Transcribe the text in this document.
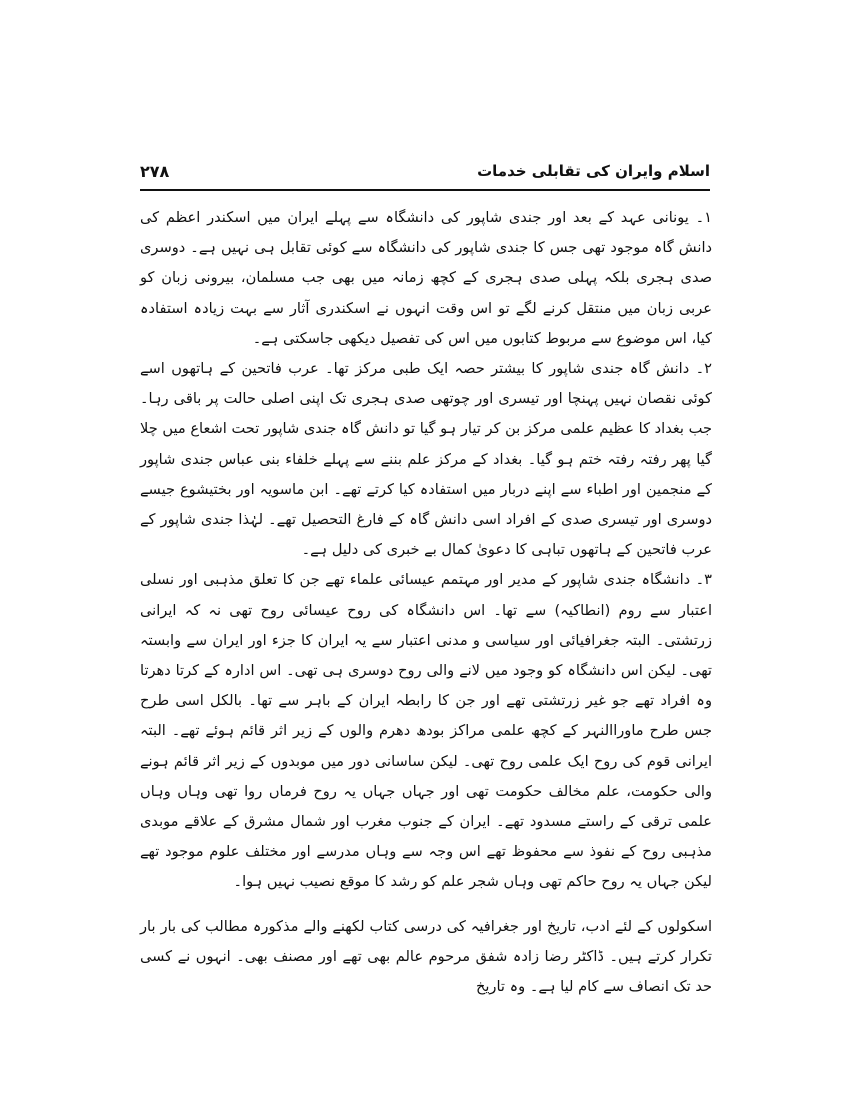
۲۷۸	اسلام وایران کی تقابلی خدمات

۱۔ یونانی عہد کے بعد اور جندی شاپور کی دانشگاہ سے پہلے ایران میں اسکندر اعظم کی دانش گاہ موجود تھی جس کا جندی شاپور کی دانشگاہ سے کوئی تقابل ہی نہیں ہے۔ دوسری صدی ہجری بلکہ پہلی صدی ہجری کے کچھ زمانہ میں بھی جب مسلمان، بیرونی زبان کو عربی زبان میں منتقل کرنے لگے تو اس وقت انہوں نے اسکندری آثار سے بہت زیادہ استفادہ کیا، اس موضوع سے مربوط کتابوں میں اس کی تفصیل دیکھی جاسکتی ہے۔

۲۔ دانش گاہ جندی شاپور کا بیشتر حصہ ایک طبی مرکز تھا۔ عرب فاتحین کے ہاتھوں اسے کوئی نقصان نہیں پہنچا اور تیسری اور چوتھی صدی ہجری تک اپنی اصلی حالت پر باقی رہا۔ جب بغداد کا عظیم علمی مرکز بن کر تیار ہو گیا تو دانش گاہ جندی شاپور تحت اشعاع میں چلا گیا پھر رفتہ رفتہ ختم ہو گیا۔ بغداد کے مرکز علم بننے سے پہلے خلفاء بنی عباس جندی شاپور کے منجمین اور اطباء سے اپنے دربار میں استفادہ کیا کرتے تھے۔ ابن ماسویہ اور بختیشوع جیسے دوسری اور تیسری صدی کے افراد اسی دانش گاہ کے فارغ التحصیل تھے۔ لہٰذا جندی شاپور کے عرب فاتحین کے ہاتھوں تباہی کا دعویٰ کمال بے خبری کی دلیل ہے۔

۳۔ دانشگاہ جندی شاپور کے مدیر اور مہتمم عیسائی علماء تھے جن کا تعلق مذہبی اور نسلی اعتبار سے روم (انطاکیہ) سے تھا۔ اس دانشگاہ کی روح عیسائی روح تھی نہ کہ ایرانی زرتشتی۔ البتہ جغرافیائی اور سیاسی و مدنی اعتبار سے یہ ایران کا جزء اور ایران سے وابستہ تھی۔ لیکن اس دانشگاہ کو وجود میں لانے والی روح دوسری ہی تھی۔ اس ادارہ کے کرتا دھرتا وہ افراد تھے جو غیر زرتشتی تھے اور جن کا رابطہ ایران کے باہر سے تھا۔ بالکل اسی طرح جس طرح ماوراالنہر کے کچھ علمی مراکز بودھ دھرم والوں کے زیر اثر قائم ہوئے تھے۔ البتہ ایرانی قوم کی روح ایک علمی روح تھی۔ لیکن ساسانی دور میں موبدوں کے زیر اثر قائم ہونے والی حکومت، علم مخالف حکومت تھی اور جہاں جہاں یہ روح فرماں روا تھی وہاں وہاں علمی ترقی کے راستے مسدود تھے۔ ایران کے جنوب مغرب اور شمال مشرق کے علاقے موبدی مذہبی روح کے نفوذ سے محفوظ تھے اس وجہ سے وہاں مدرسے اور مختلف علوم موجود تھے لیکن جہاں یہ روح حاکم تھی وہاں شجر علم کو رشد کا موقع نصیب نہیں ہوا۔

اسکولوں کے لئے ادب، تاریخ اور جغرافیہ کی درسی کتاب لکھنے والے مذکورہ مطالب کی بار بار تکرار کرتے ہیں۔ ڈاکٹر رضا زادہ شفق مرحوم عالم بھی تھے اور مصنف بھی۔ انہوں نے کسی حد تک انصاف سے کام لیا ہے۔ وہ تاریخ
